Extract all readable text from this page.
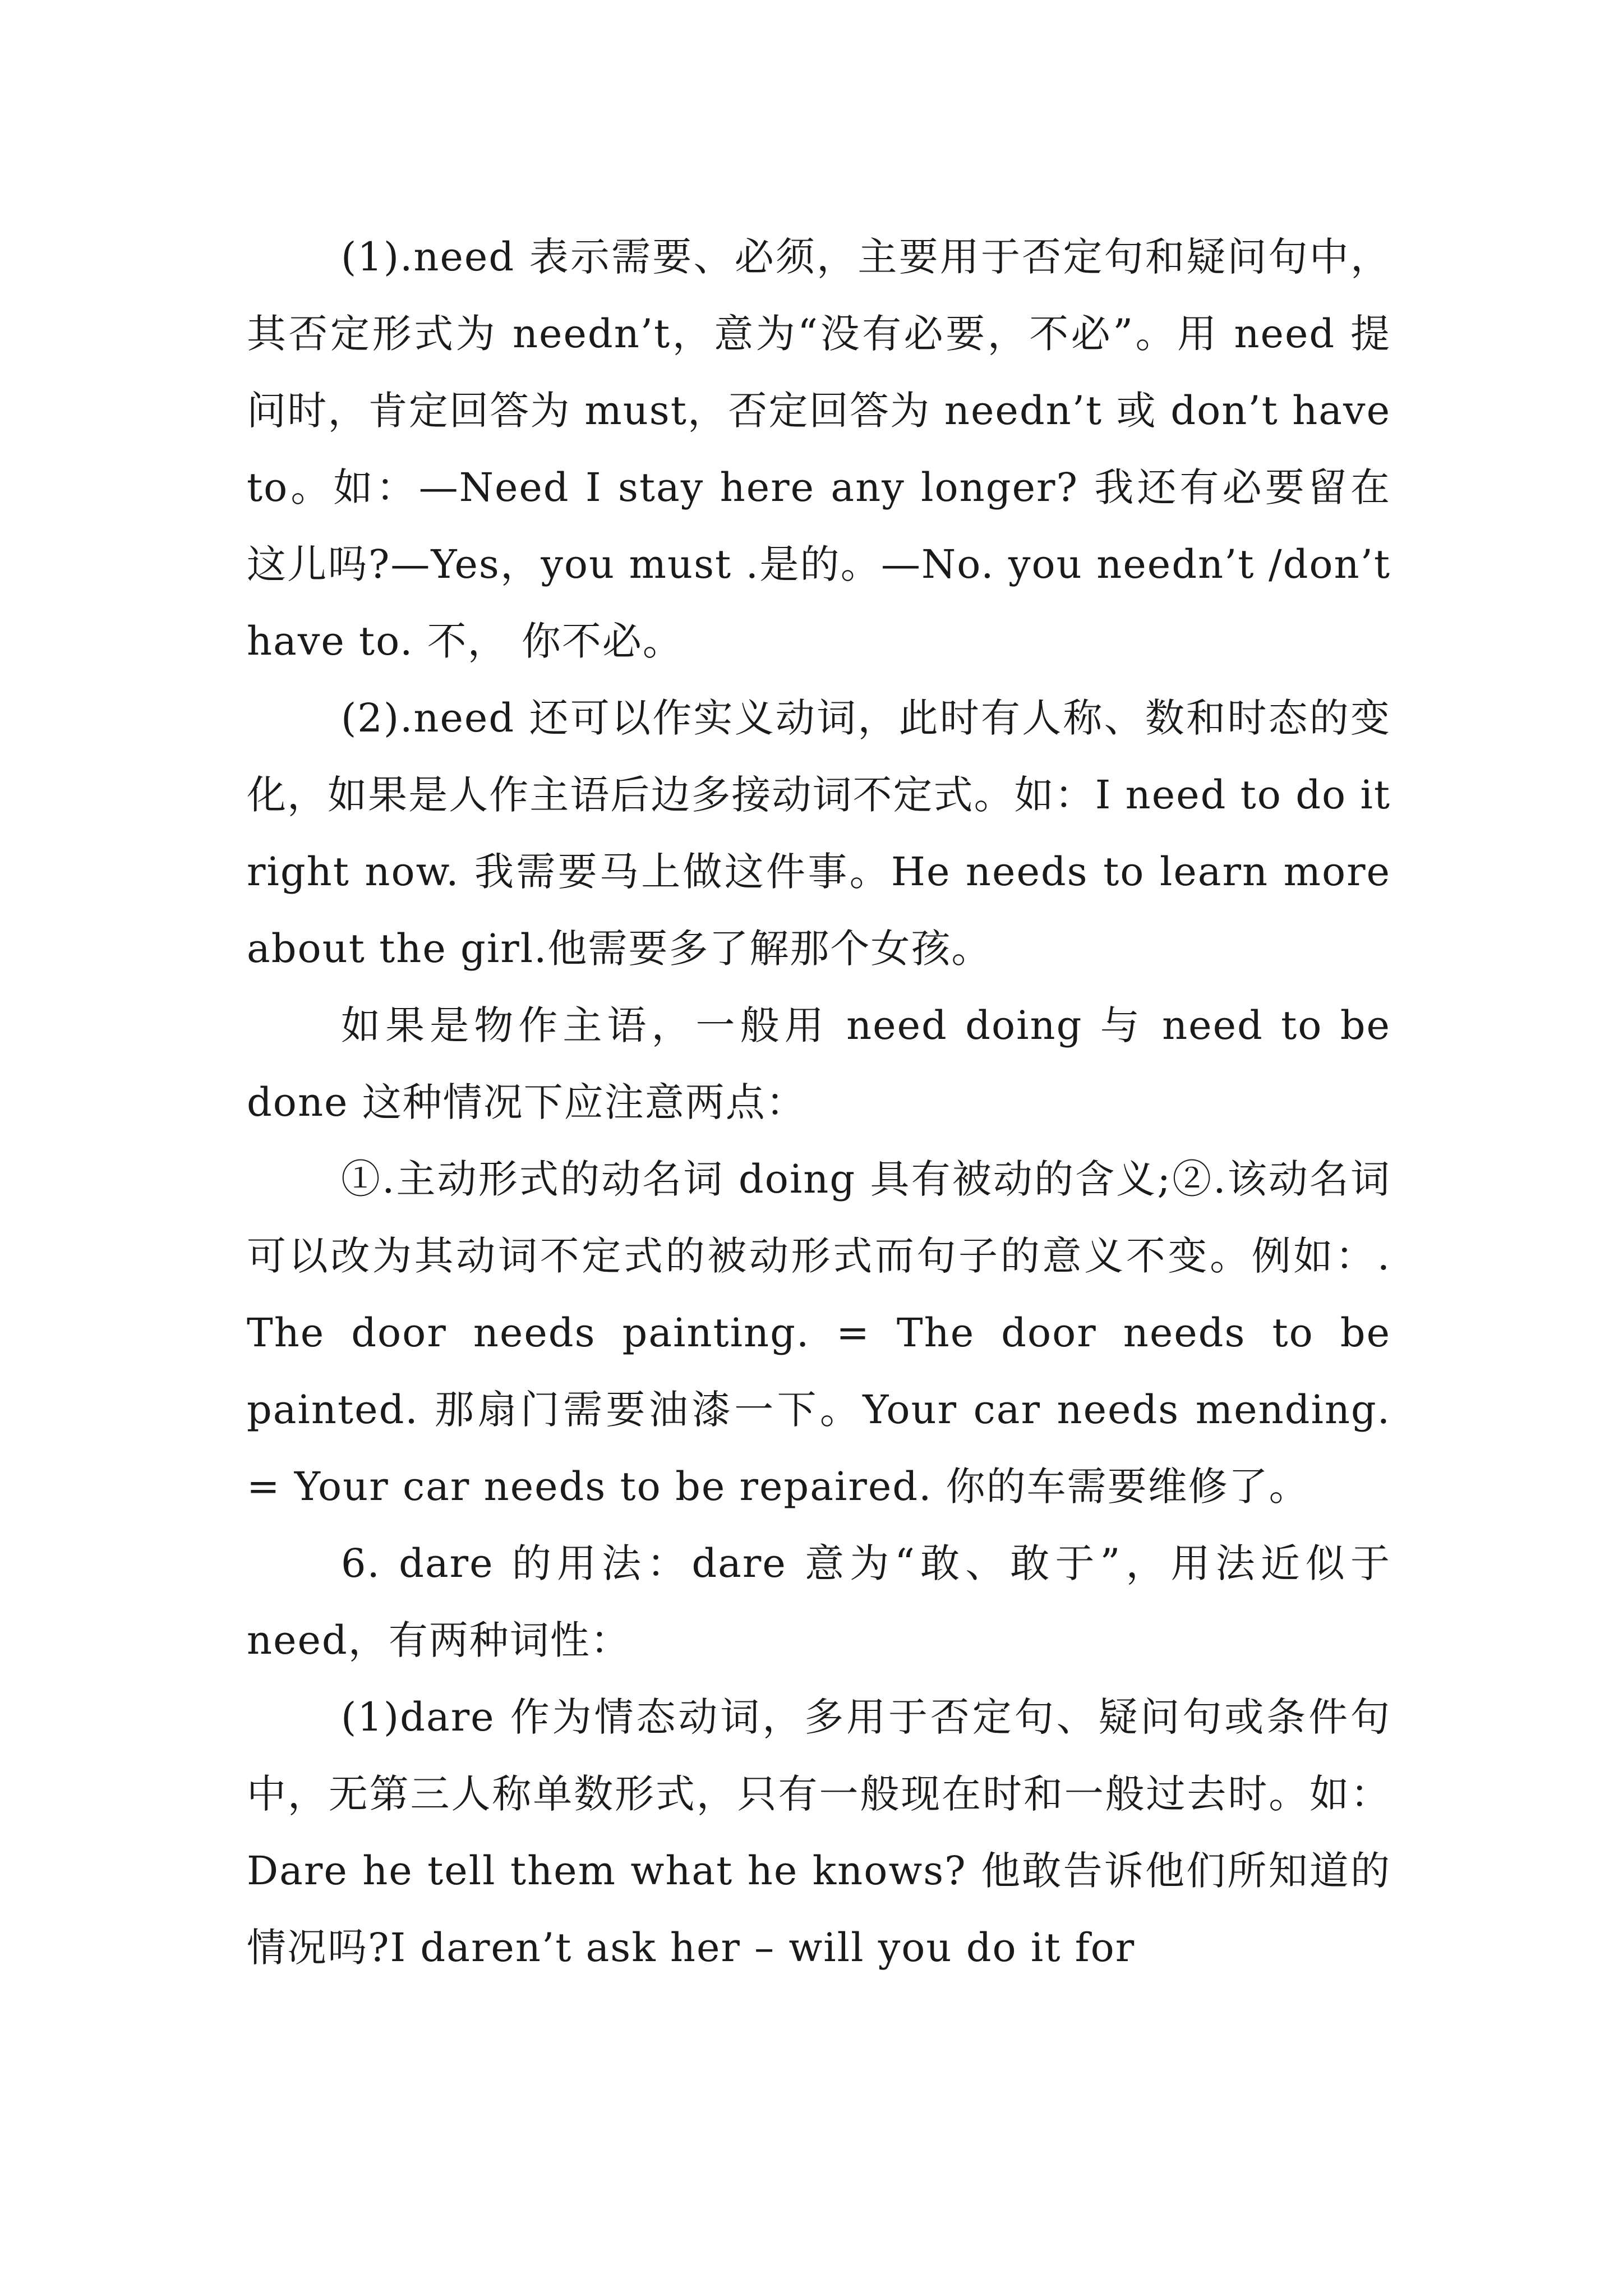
(1).need 表示需要、必须，主要用于否定句和疑问句中，其否定形式为 needn’t，意为“没有必要，不必”。用 need 提问时，肯定回答为 must，否定回答为 needn’t 或 don’t have to。如：—Need I stay here any longer? 我还有必要留在这儿吗?—Yes，you must .是的。—No. you needn’t /don’t have to. 不， 你不必。

(2).need 还可以作实义动词，此时有人称、数和时态的变化，如果是人作主语后边多接动词不定式。如：I need to do it right now. 我需要马上做这件事。He needs to learn more about the girl.他需要多了解那个女孩。

如果是物作主语，一般用 need doing 与 need to be done 这种情况下应注意两点：

①.主动形式的动名词 doing 具有被动的含义;②.该动名词可以改为其动词不定式的被动形式而句子的意义不变。例如：. The door needs painting. = The door needs to be painted. 那扇门需要油漆一下。Your car needs mending. = Your car needs to be repaired. 你的车需要维修了。

6. dare 的用法：dare 意为“敢、敢于”，用法近似于 need，有两种词性：

(1)dare 作为情态动词，多用于否定句、疑问句或条件句中，无第三人称单数形式，只有一般现在时和一般过去时。如：Dare he tell them what he knows? 他敢告诉他们所知道的情况吗?I daren’t ask her – will you do it for
